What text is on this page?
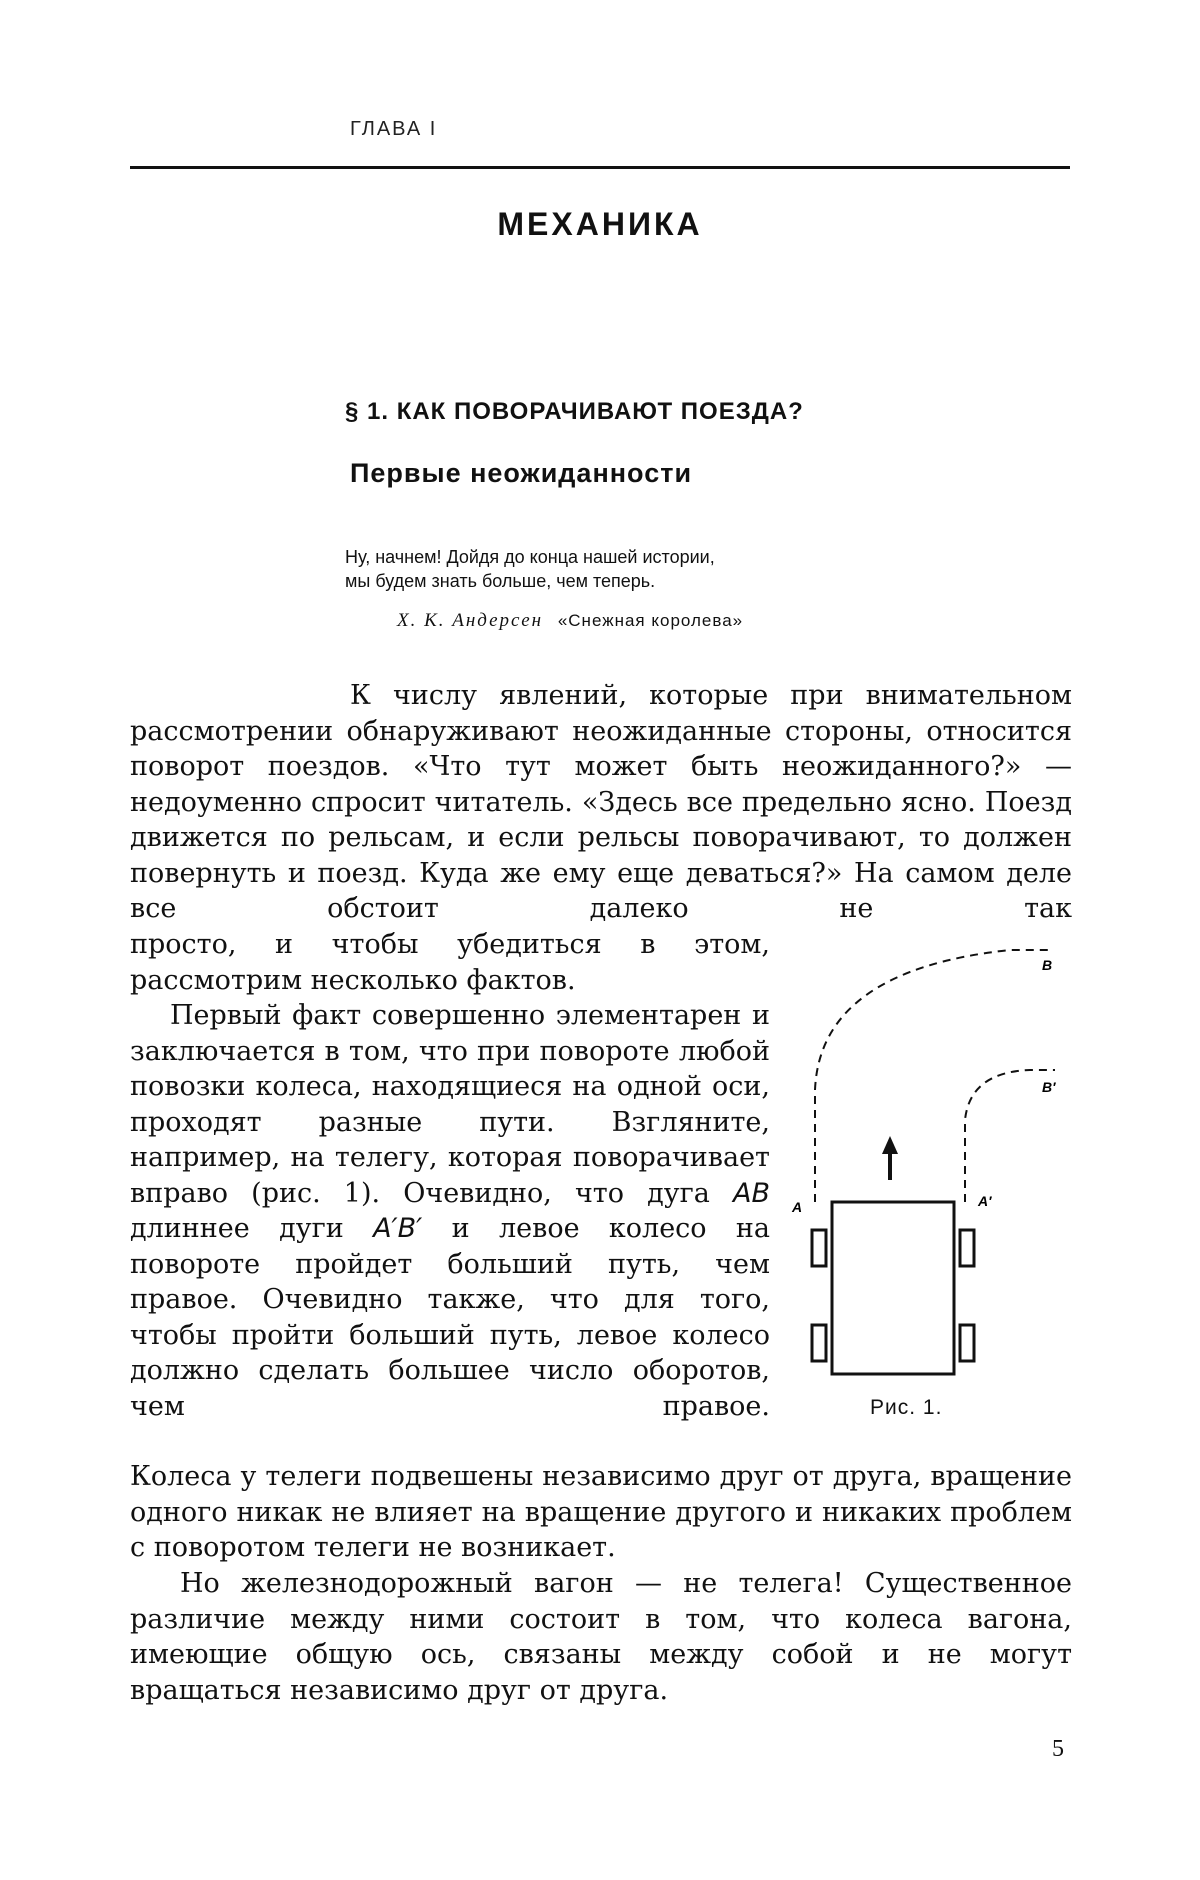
ГЛАВА I
МЕХАНИКА
§ 1. КАК ПОВОРАЧИВАЮТ ПОЕЗДА?
Первые неожиданности
Ну, начнем! Дойдя до конца нашей истории,
мы будем знать больше, чем теперь.
Х. К. Андерсен «Снежная королева»

К числу явлений, которые при внимательном рассмотрении обнаруживают неожиданные стороны, относится поворот поездов. «Что тут может быть неожиданного?» — недоуменно спросит читатель. «Здесь все предельно ясно. Поезд движется по рельсам, и если рельсы поворачивают, то должен повернуть и поезд. Куда же ему еще деваться?» На самом деле все обстоит далеко не так

просто, и чтобы убедиться в этом, рассмотрим несколько фактов.

Первый факт совершенно элементарен и заключается в том, что при повороте любой повозки колеса, находящиеся на одной оси, проходят разные пути. Взгляните, например, на телегу, которая поворачивает вправо (рис. 1). Очевидно, что дуга AB длиннее дуги A′B′ и левое колесо на повороте пройдет больший путь, чем правое. Очевидно также, что для того, чтобы пройти больший путь, левое колесо должно сделать большее число оборотов, чем правое.

Колеса у телеги подвешены независимо друг от друга, вращение одного никак не влияет на вращение другого и никаких проблем с поворотом телеги не возникает.

Но железнодорожный вагон — не телега! Существенное различие между ними состоит в том, что колеса вагона, имеющие общую ось, связаны между собой и не могут вращаться независимо друг от друга.

A	A′
B
B′
Рис. 1.
5
